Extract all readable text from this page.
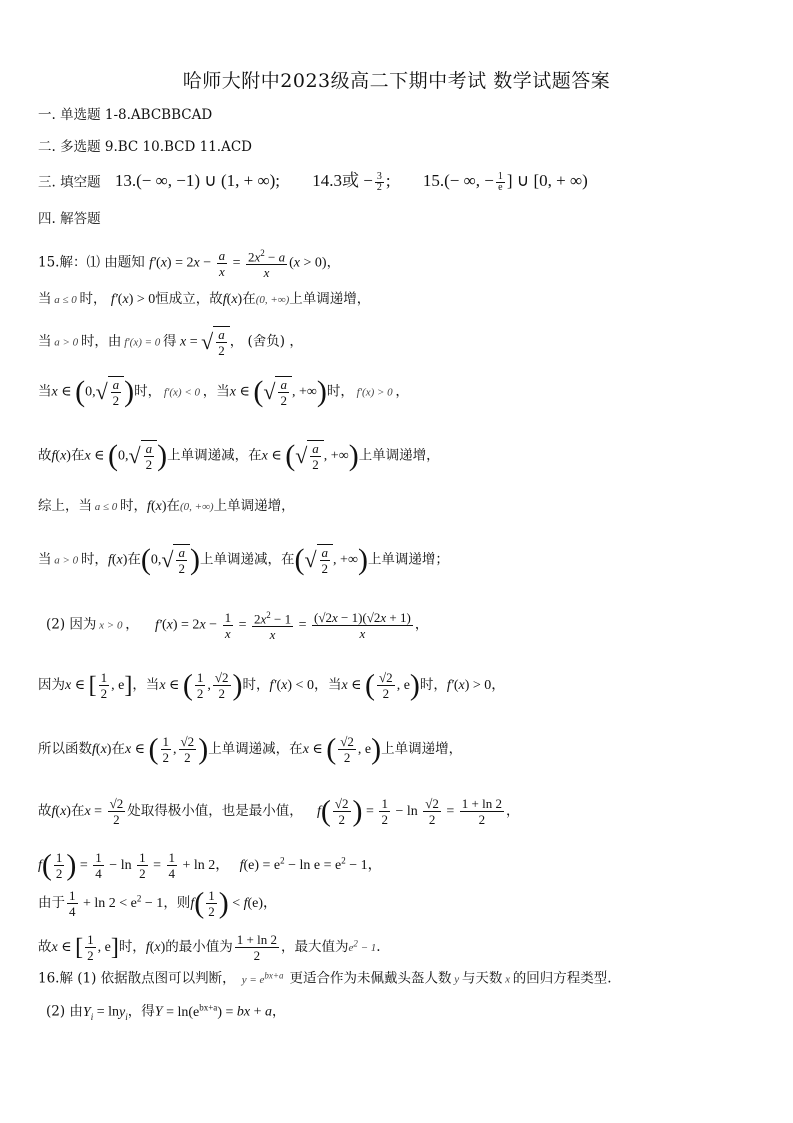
哈师大附中2023级高二下期中考试 数学试题答案
一. 单选题 1-8.ABCBBCAD
二. 多选题 9.BC 10.BCD 11.ACD
三. 填空题 13.(− ∞, −1) ∪ (1, + ∞); 14.3或 − $\frac{3}{2}$ ; 15.(− ∞, − $\frac{1}{e}$ ] ∪ [0, + ∞)
四. 解答题
15.解：⑴ 由题知 $f'(x) = 2x - \frac{a}{x} = \frac{2x^2 - a}{x} (x > 0)$，
当 a ≤ 0 时， f′(x) > 0恒成立，故f(x)在(0, +∞)上单调递增，
当 a > 0 时，由 f′(x) = 0 得 x = √ $\frac{a}{2}$ ， (舍负) ，
当x ∈ (0, √ $\frac{a}{2}$ )时， f′(x) < 0 ，当x ∈ ( √ $\frac{a}{2}$ , +∞)时， f′(x) > 0 ，
故f(x)在x ∈ (0, √ $\frac{a}{2}$ )上单调递减，在x ∈ ( √ $\frac{a}{2}$ , +∞)上单调递增，
综上，当 a ≤ 0 时，f(x)在(0, +∞)上单调递增，
当 a > 0 时，f(x)在(0, √ $\frac{a}{2}$ )上单调递减，在( √ $\frac{a}{2}$ , +∞)上单调递增；
(2) 因为 x > 0 ， $f'(x) = 2x - \frac{1}{x} = \frac{2x^2 - 1}{x} = \frac{(√2x - 1)(√2x + 1)}{x}$ ，
因为x ∈ [ $\frac{1}{2}$ , e]，当x ∈ ( $\frac{1}{2}$ , $\frac{√2}{2}$ )时，f′(x) < 0，当x ∈ ( $\frac{√2}{2}$ , e)时，f′(x) > 0，
所以函数f(x)在x ∈ ( $\frac{1}{2}$ , $\frac{√2}{2}$ )上单调递减，在x ∈ ( $\frac{√2}{2}$ , e)上单调递增，
故f(x)在$x = \frac{√2}{2}$ 处取得极小值，也是最小值， $f( \frac{√2}{2}$ ) = $\frac{1}{2} - \ln \frac{√2}{2} = \frac{1 + \ln 2}{2}$ ，
$f( \frac{1}{2}$ ) = $\frac{1}{4} - \ln \frac{1}{2} = \frac{1}{4} + \ln 2$， $f(e) = e^2 - \ln e = e^2 - 1$，
由于 $\frac{1}{4} + \ln 2 < e^2 - 1$，则$f( \frac{1}{2}$ ) < f(e)，
故x ∈ [ $\frac{1}{2}$ , e]时，f(x)的最小值为 $\frac{1 + \ln 2}{2}$ ，最大值为$e^2 - 1$.
16.解 (1) 依据散点图可以判断， $y = e^{bx+a}$ 更适合作为未佩戴头盔人数 y 与天数 x 的回归方程类型.
(2) 由$Y_i = \ln y_i$，得$Y = \ln(e^{bx+a})$ = bx + a，
